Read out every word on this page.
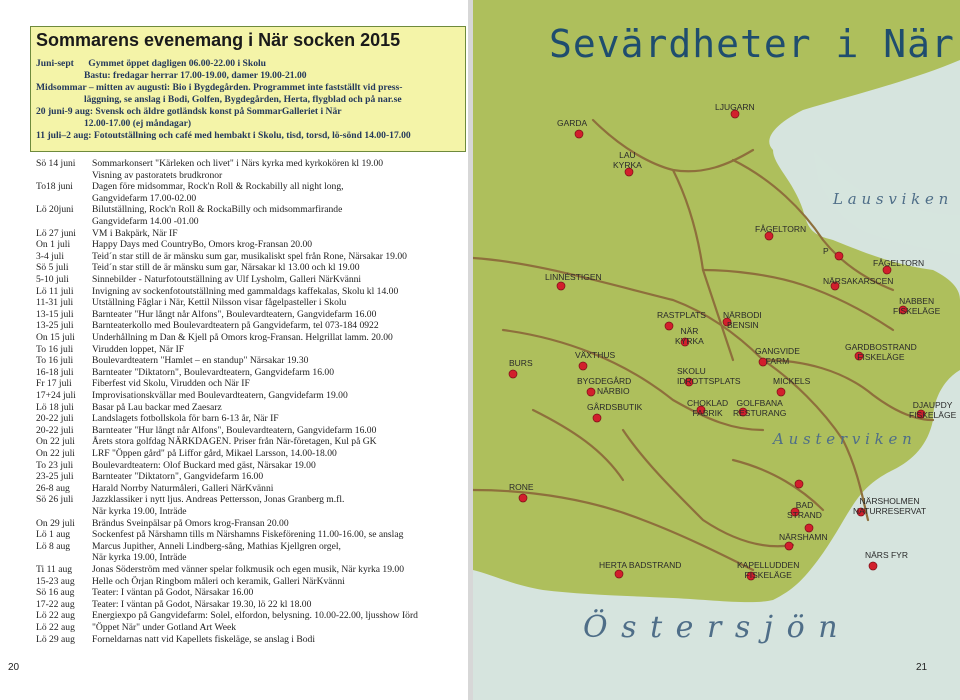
Sommarens evenemang i När socken 2015
Juni-sept      Gymmet öppet dagligen 06.00-22.00 i Skolu
Bastu: fredagar herrar 17.00-19.00, damer 19.00-21.00
Midsommar – mitten av augusti: Bio i Bygdegården. Programmet inte fastställt vid press-
läggning, se anslag i Bodi, Golfen, Bygdegården, Herta, flygblad och på nar.se
20 juni-9 aug: Svensk och äldre gotländsk konst på SommarGalleriet i När
12.00-17.00 (ej måndagar)
11 juli–2 aug: Fotoutställning och café med hembakt i Skolu, tisd, torsd, lö-sönd 14.00-17.00
Sö 14 juni	Sommarkonsert "Kärleken och livet" i Närs kyrka med kyrkokören kl 19.00
Visning av pastoratets brudkronor
To18 juni	Dagen före midsommar, Rock'n Roll & Rockabilly all night long,
Gangvidefarm 17.00-02.00
Lö 20juni	Bilutställning, Rock'n Roll & RockaBilly och midsommarfirande
Gangvidefarm 14.00 -01.00
Lö 27 juni	VM i Bakpärk, När IF
On 1 juli	Happy Days med CountryBo, Omors krog-Fransan 20.00
3-4 juli	Teid´n star still de är mänsku sum gar, musikaliskt spel från Rone, Närsakar 19.00
Sö 5 juli	Teid´n star still de är mänsku sum gar, Närsakar kl 13.00 och kl 19.00
5-10 juli	Sinnebilder - Naturfotoutställning av Ulf Lysholm, Galleri NärKvänni
Lö 11 juli	Invigning av sockenfotoutställning med gammaldags kaffekalas, Skolu kl 14.00
11-31 juli	Utställning Fåglar i När, Kettil Nilsson visar fågelpasteller i Skolu
13-15 juli	Barnteater "Hur långt når Alfons", Boulevardteatern, Gangvidefarm 16.00
13-25 juli	Barnteaterkollo med Boulevardteatern på Gangvidefarm, tel 073-184 0922
On 15 juli	Underhållning m Dan & Kjell på Omors krog-Fransan. Helgrillat lamm. 20.00
To 16 juli	Virudden loppet, När IF
To 16 juli	Boulevardteatern "Hamlet – en standup" Närsakar 19.30
16-18 juli	Barnteater "Diktatorn", Boulevardteatern, Gangvidefarm 16.00
Fr 17 juli	Fiberfest vid Skolu, Virudden och När IF
17+24 juli	Improvisationskvällar med Boulevardteatern, Gangvidefarm 19.00
Lö 18 juli	Basar på Lau backar med Zaesarz
20-22 juli	Landslagets fotbollskola för barn 6-13 år, När IF
20-22 juli	Barnteater "Hur långt når Alfons", Boulevardteatern, Gangvidefarm 16.00
On 22 juli	Årets stora golfdag NÄRKDAGEN. Priser från När-företagen, Kul på GK
On 22 juli	LRF "Öppen gård" på Liffor gård, Mikael Larsson, 14.00-18.00
To 23 juli	Boulevardteatern: Olof Buckard med gäst, Närsakar 19.00
23-25 juli	Barnteater "Diktatorn", Gangvidefarm 16.00
26-8 aug	Harald Norrby Naturmåleri, Galleri NärKvänni
Sö 26 juli	Jazzklassiker i nytt ljus. Andreas Pettersson, Jonas Granberg m.fl.
När kyrka 19.00, Inträde
On 29 juli	Brändus Sveinpälsar på Omors krog-Fransan 20.00
Lö 1 aug	Sockenfest på Närshamn tills m Närshamns Fiskeförening 11.00-16.00, se anslag
Lö 8 aug	Marcus Jupither, Anneli Lindberg-sång, Mathias Kjellgren orgel,
När kyrka 19.00, Inträde
Ti 11 aug	Jonas Söderström med vänner spelar folkmusik och egen musik, När kyrka 19.00
15-23 aug	Helle och Örjan Ringbom måleri och keramik, Galleri NärKvänni
Sö 16 aug	Teater: I väntan på Godot, Närsakar 16.00
17-22 aug	Teater: I väntan på Godot, Närsakar 19.30, lö 22 kl 18.00
Lö 22 aug	Energiexpo på Gangvidefarm: Solel, elfordon, belysning. 10.00-22.00, ljusshow Iörd
Lö 22 aug	"Öppet När" under Gotland Art Week
Lö 29 aug	Forneldarnas natt vid Kapellets fiskeläge, se anslag i Bodi
20
Sevärdheter i När
L a u s v i k e n
A u s t e r v i k e n
Ö s t e r s j ö n
GARDA
LJUGARN
LAU
KYRKA
FÅGELTORN
P
FÅGELTORN
NÄRSAKARSCEN
LINNÉSTIGEN
NABBEN
FISKELÄGE
RASTPLATS NÄRBODI
BENSIN
NÄR
KYRKA
GARDBOSTRAND
FISKELÄGE
BURS
VÄXTHUS	GANGVIDE
FARM
SKOLU
IDROTTSPLATS	MICKELS
BYGDEGÅRD
NÄRBIO
CHOKLAD
FABRIK
GOLFBANA
RESTURANG
DJAUPDY
FISKELÄGE
GÅRDSBUTIK
RONE
BAD
STRAND
NÄRSHOLMEN
NATURRESERVAT
NÄRSHAMN
HERTA BADSTRAND	KAPELLUDDEN
FISKELÄGE
NÄRS FYR
21
